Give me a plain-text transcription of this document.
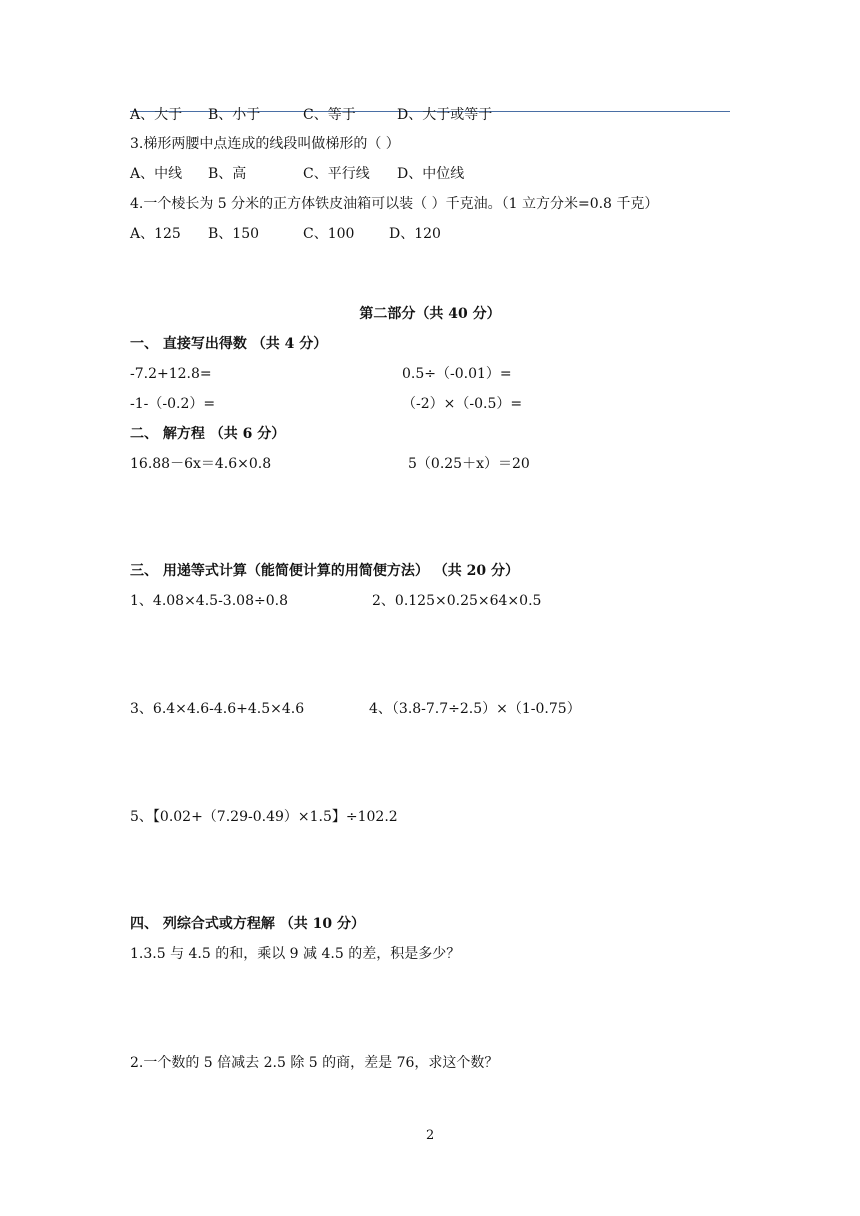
A、大于 B、小于	C、等于	D、大于或等于
3.梯形两腰中点连成的线段叫做梯形的（ ）
A、中线 B、高	C、平行线 D、中位线
4.一个棱长为 5 分米的正方体铁皮油箱可以装（ ）千克油。（1 立方分米=0.8 千克）
A、125 B、150	C、100 D、120
第二部分（共 40 分）
一、 直接写出得数 （共 4 分）
-7.2+12.8=	0.5÷（-0.01）=
-1-（-0.2）=	（-2）×（-0.5）=
二、 解方程 （共 6 分）
16.88－6x＝4.6×0.8	5（0.25＋x）＝20
三、 用递等式计算（能简便计算的用简便方法） （共 20 分）
1、4.08×4.5-3.08÷0.8	2、0.125×0.25×64×0.5
3、6.4×4.6-4.6+4.5×4.6	4、（3.8-7.7÷2.5）×（1-0.75）
5、【0.02+（7.29-0.49）×1.5】÷102.2
四、 列综合式或方程解 （共 10 分）
1.3.5 与 4.5 的和，乘以 9 减 4.5 的差，积是多少？
2.一个数的 5 倍减去 2.5 除 5 的商，差是 76，求这个数？
2
